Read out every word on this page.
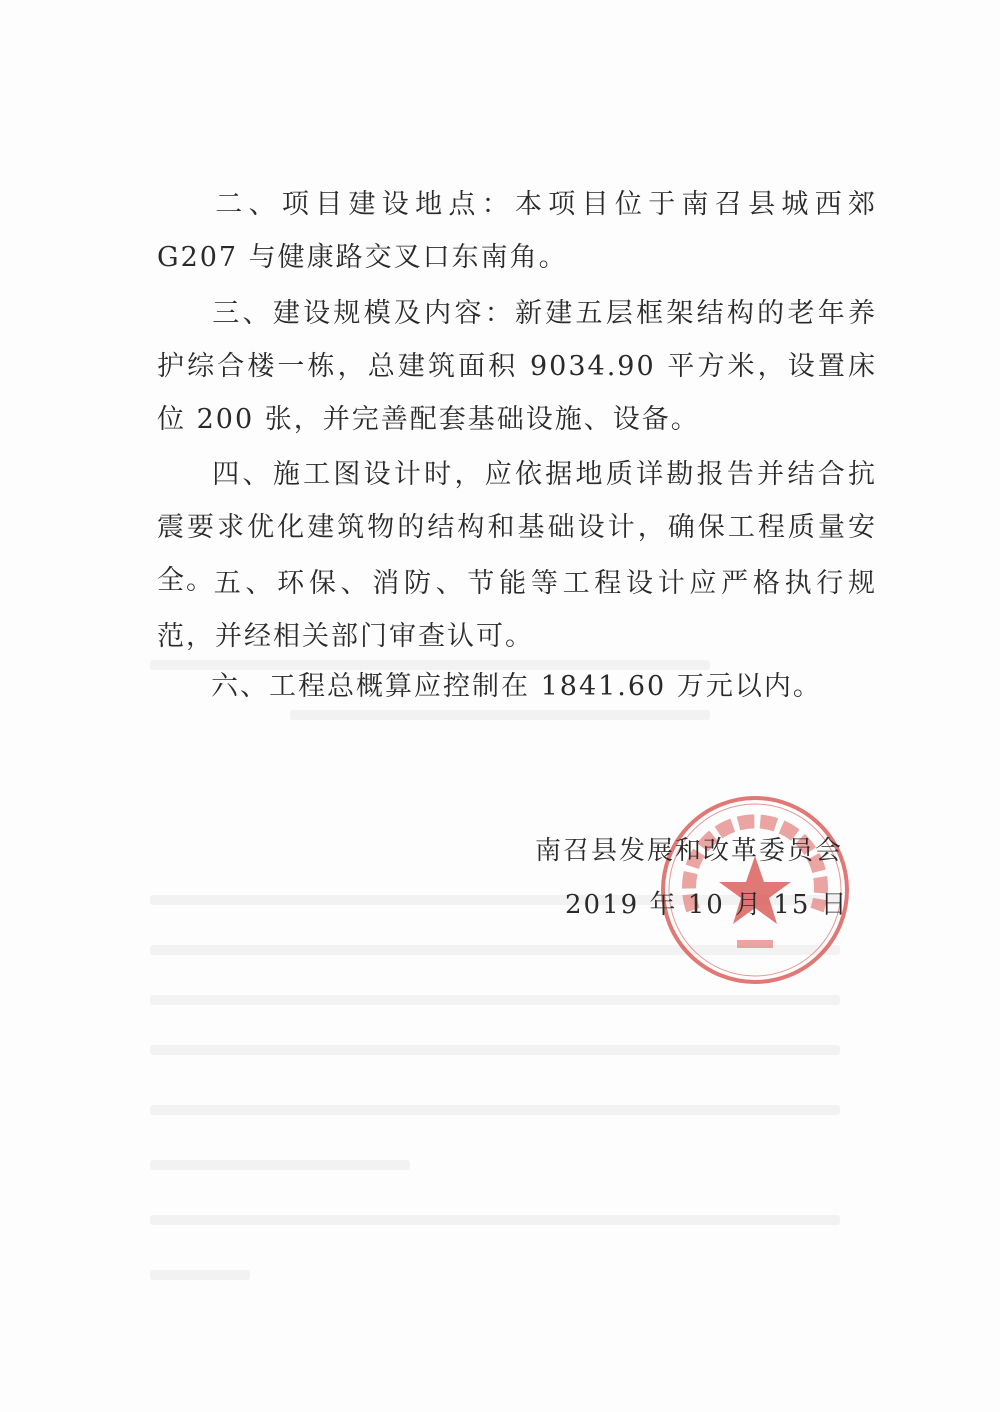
二、项目建设地点：本项目位于南召县城西郊 G207 与健康路交叉口东南角。

三、建设规模及内容：新建五层框架结构的老年养护综合楼一栋，总建筑面积 9034.90 平方米，设置床位 200 张，并完善配套基础设施、设备。

四、施工图设计时，应依据地质详勘报告并结合抗震要求优化建筑物的结构和基础设计，确保工程质量安全。

五、环保、消防、节能等工程设计应严格执行规范，并经相关部门审查认可。

六、工程总概算应控制在 1841.60 万元以内。

南召县发展和改革委员会
2019 年 10 月 15 日
